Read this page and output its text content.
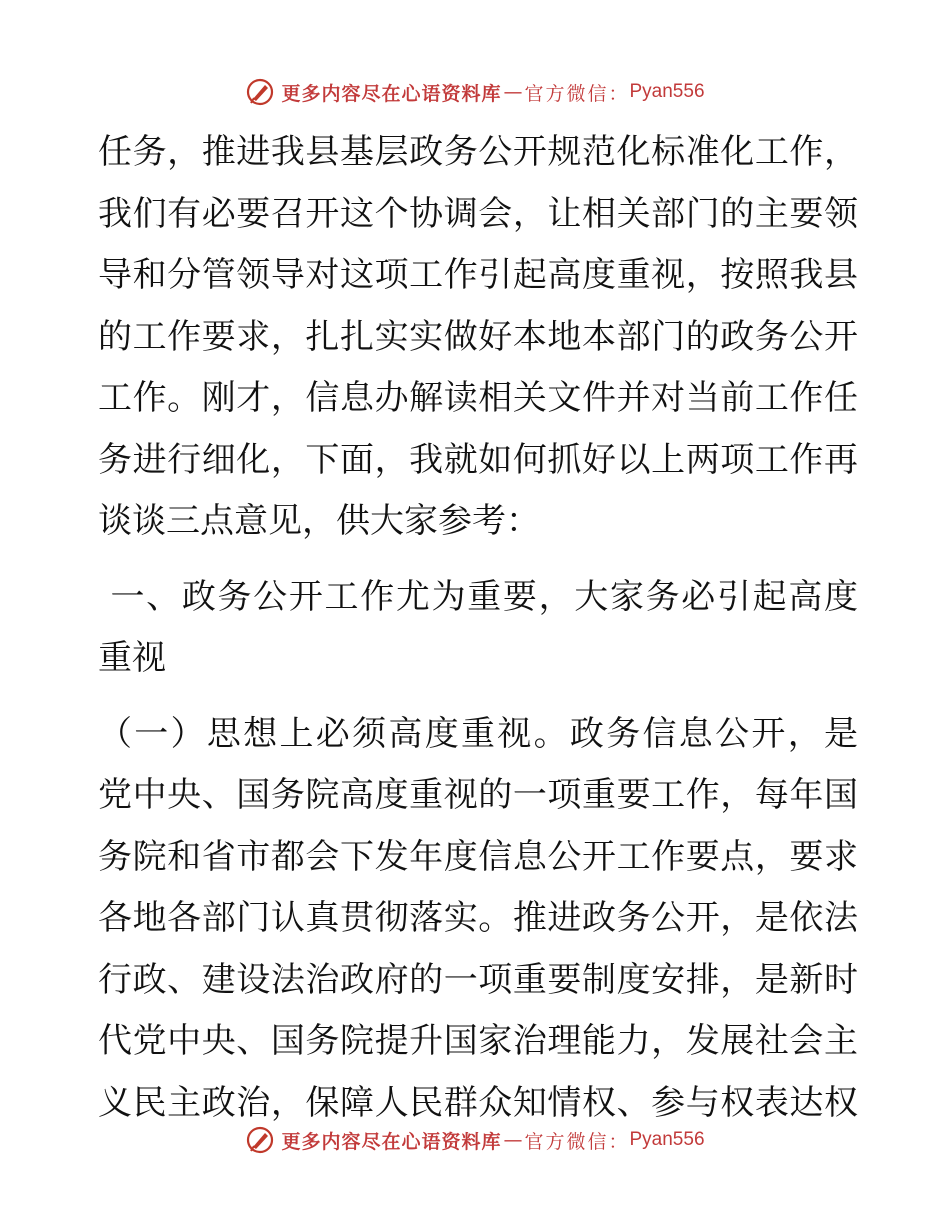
更多内容尽在心语资料库 — 官方微信： Pyan556
任务，推进我县基层政务公开规范化标准化工作，
我们有必要召开这个协调会，让相关部门的主要领
导和分管领导对这项工作引起高度重视，按照我县
的工作要求，扎扎实实做好本地本部门的政务公开
工作。刚才，信息办解读相关文件并对当前工作任
务进行细化，下面，我就如何抓好以上两项工作再
谈谈三点意见，供大家参考：
一、政务公开工作尤为重要，大家务必引起高度
重视
（一）思想上必须高度重视。政务信息公开，是
党中央、国务院高度重视的一项重要工作，每年国
务院和省市都会下发年度信息公开工作要点，要求
各地各部门认真贯彻落实。推进政务公开，是依法
行政、建设法治政府的一项重要制度安排，是新时
代党中央、国务院提升国家治理能力，发展社会主
义民主政治，保障人民群众知情权、参与权表达权
更多内容尽在心语资料库 — 官方微信： Pyan556
